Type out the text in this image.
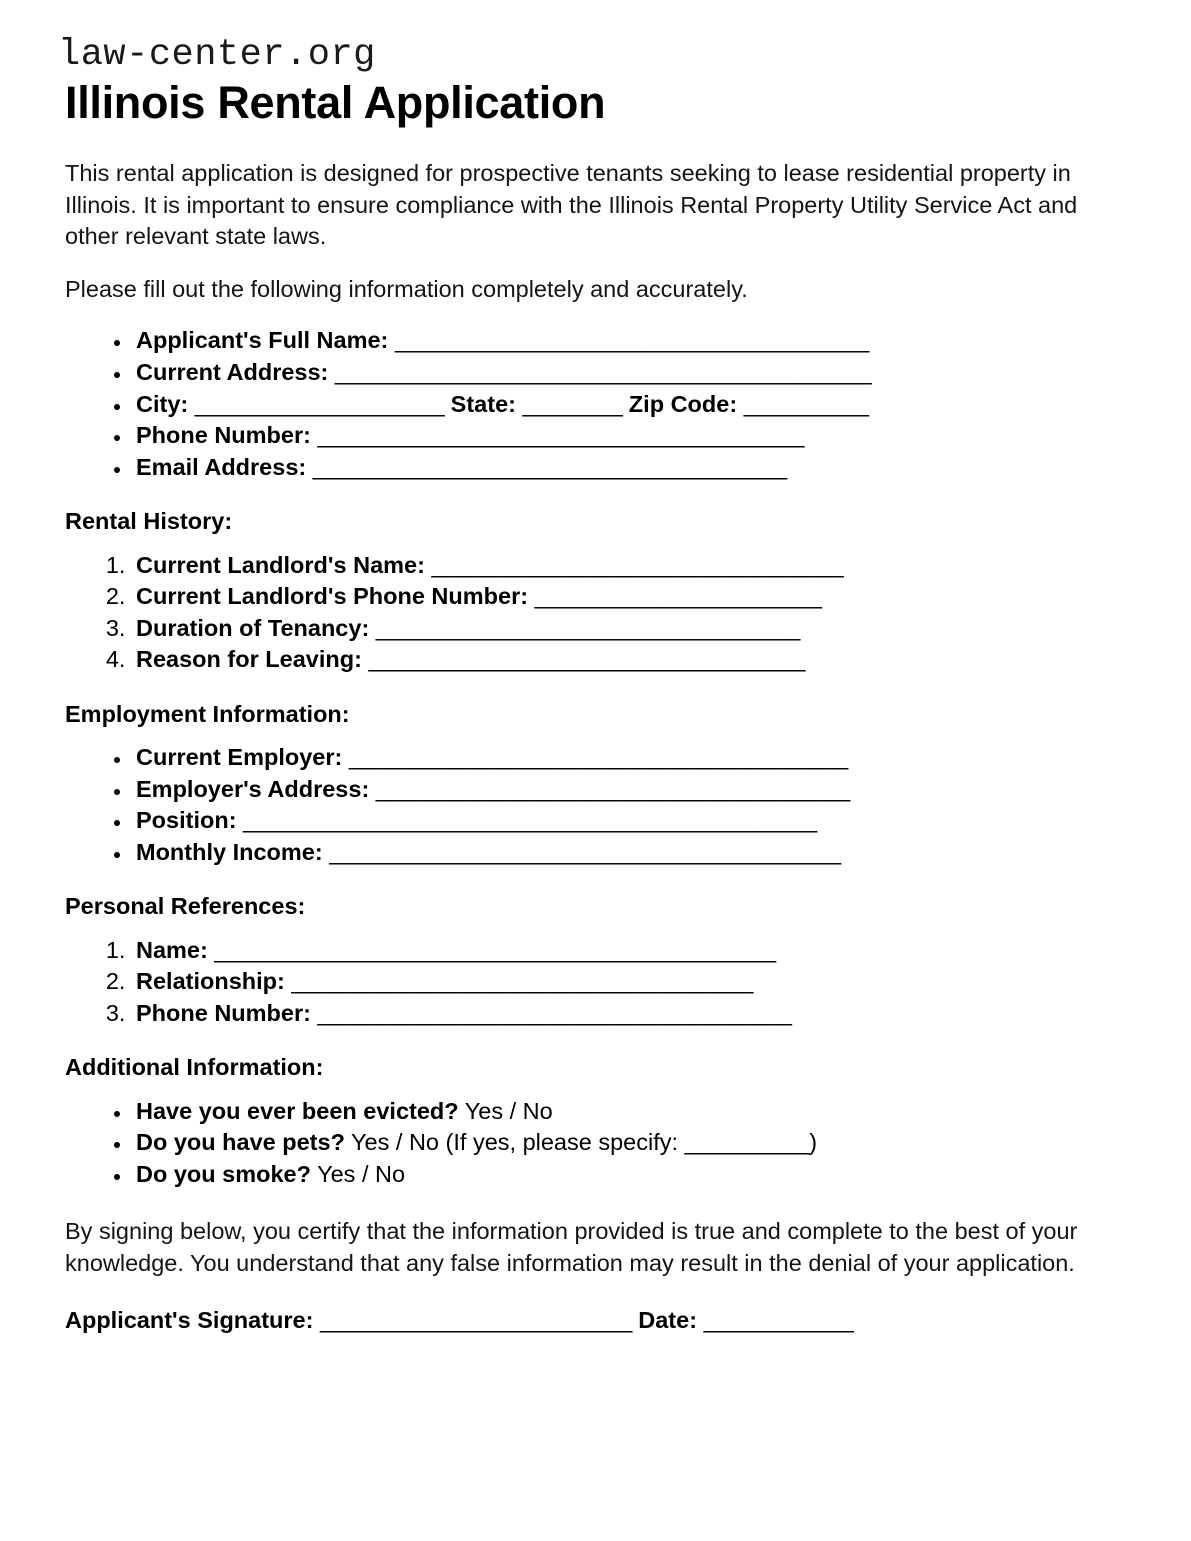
law-center.org
Illinois Rental Application

This rental application is designed for prospective tenants seeking to lease residential property in Illinois. It is important to ensure compliance with the Illinois Rental Property Utility Service Act and other relevant state laws.

Please fill out the following information completely and accurately.

• Applicant's Full Name: ______________________________________
• Current Address: ___________________________________________
• City: ____________________ State: ________ Zip Code: __________
• Phone Number: _______________________________________
• Email Address: ______________________________________
Rental History:
1. Current Landlord's Name: _________________________________
2. Current Landlord's Phone Number: _______________________
3. Duration of Tenancy: __________________________________
4. Reason for Leaving: ___________________________________
Employment Information:
• Current Employer: ________________________________________
• Employer's Address: ______________________________________
• Position: ______________________________________________
• Monthly Income: _________________________________________
Personal References:
1. Name: _____________________________________________
2. Relationship: _____________________________________
3. Phone Number: ______________________________________
Additional Information:
• Have you ever been evicted? Yes / No
• Do you have pets? Yes / No (If yes, please specify: __________)
• Do you smoke? Yes / No

By signing below, you certify that the information provided is true and complete to the best of your knowledge. You understand that any false information may result in the denial of your application.

Applicant's Signature: _________________________ Date: ____________
